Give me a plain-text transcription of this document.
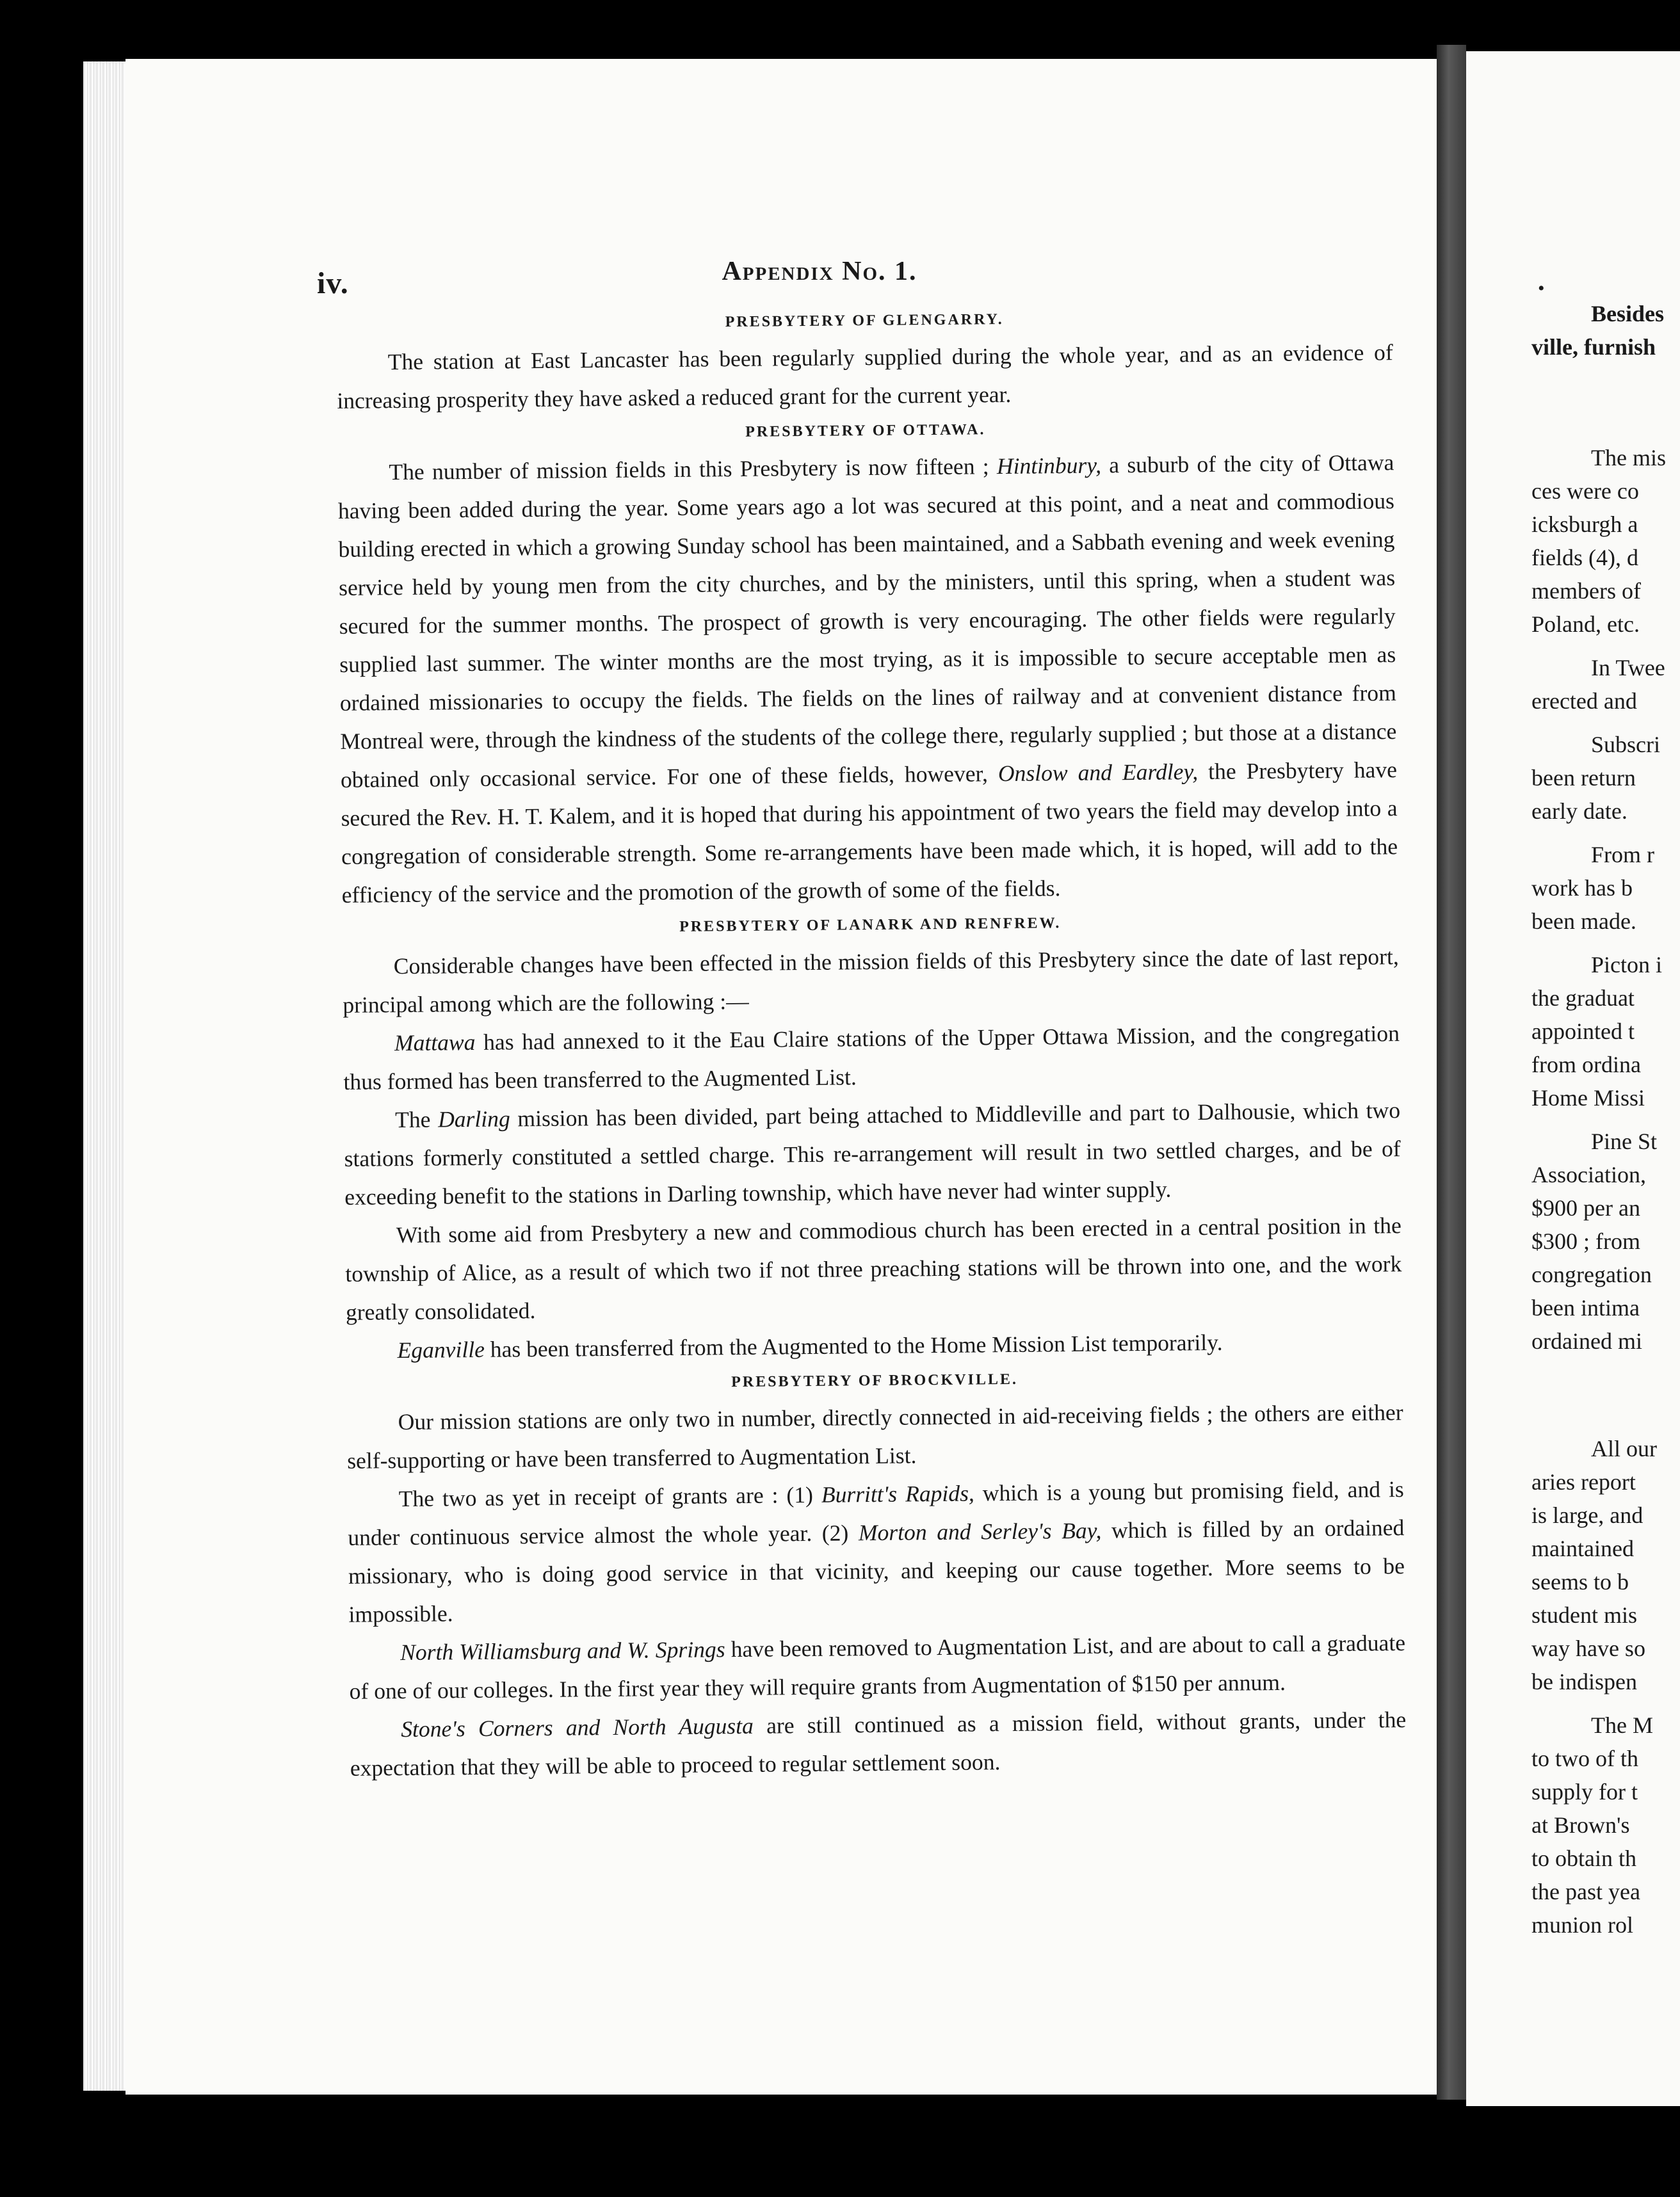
iv.	Appendix No. 1.
PRESBYTERY OF GLENGARRY.

The station at East Lancaster has been regularly supplied during the whole year, and as an evidence of increasing prosperity they have asked a reduced grant for the current year.

PRESBYTERY OF OTTAWA.

The number of mission fields in this Presbytery is now fifteen ; Hintinbury, a suburb of the city of Ottawa having been added during the year. Some years ago a lot was secured at this point, and a neat and commodious building erected in which a growing Sunday school has been maintained, and a Sabbath evening and week evening service held by young men from the city churches, and by the ministers, until this spring, when a student was secured for the summer months. The prospect of growth is very encouraging. The other fields were regularly supplied last summer. The winter months are the most trying, as it is impossible to secure acceptable men as ordained missionaries to occupy the fields. The fields on the lines of railway and at convenient distance from Montreal were, through the kindness of the students of the college there, regularly supplied ; but those at a distance obtained only occasional service. For one of these fields, however, Onslow and Eardley, the Presbytery have secured the Rev. H. T. Kalem, and it is hoped that during his appointment of two years the field may develop into a congregation of considerable strength. Some re-arrangements have been made which, it is hoped, will add to the efficiency of the service and the promotion of the growth of some of the fields.

PRESBYTERY OF LANARK AND RENFREW.

Considerable changes have been effected in the mission fields of this Presbytery since the date of last report, principal among which are the following :—

Mattawa has had annexed to it the Eau Claire stations of the Upper Ottawa Mission, and the congregation thus formed has been transferred to the Augmented List.

The Darling mission has been divided, part being attached to Middleville and part to Dalhousie, which two stations formerly constituted a settled charge. This re-arrangement will result in two settled charges, and be of exceeding benefit to the stations in Darling township, which have never had winter supply.

With some aid from Presbytery a new and commodious church has been erected in a central position in the township of Alice, as a result of which two if not three preaching stations will be thrown into one, and the work greatly consolidated.

Eganville has been transferred from the Augmented to the Home Mission List temporarily.

PRESBYTERY OF BROCKVILLE.

Our mission stations are only two in number, directly connected in aid-receiving fields ; the others are either self-supporting or have been transferred to Augmentation List.

The two as yet in receipt of grants are : (1) Burritt's Rapids, which is a young but promising field, and is under continuous service almost the whole year. (2) Morton and Serley's Bay, which is filled by an ordained missionary, who is doing good service in that vicinity, and keeping our cause together. More seems to be impossible.

North Williamsburg and W. Springs have been removed to Augmentation List, and are about to call a graduate of one of our colleges. In the first year they will require grants from Augmentation of $150 per annum.

Stone's Corners and North Augusta are still continued as a mission field, without grants, under the expectation that they will be able to proceed to regular settlement soon.

•
Besides
ville, furnish
The mis
ces were co
icksburgh a
fields (4), d
members of
Poland, etc.
In Twee
erected and
Subscri
been return
early date.
From r
work has b
been made.
Picton i
the graduat
appointed t
from ordina
Home Missi
Pine St
Association,
$900 per an
$300 ; from
congregation
been intima
ordained mi
All our
aries report
is large, and
maintained
seems to b
student mis
way have so
be indispen
The M
to two of th
supply for t
at Brown's
to obtain th
the past yea
munion rol
